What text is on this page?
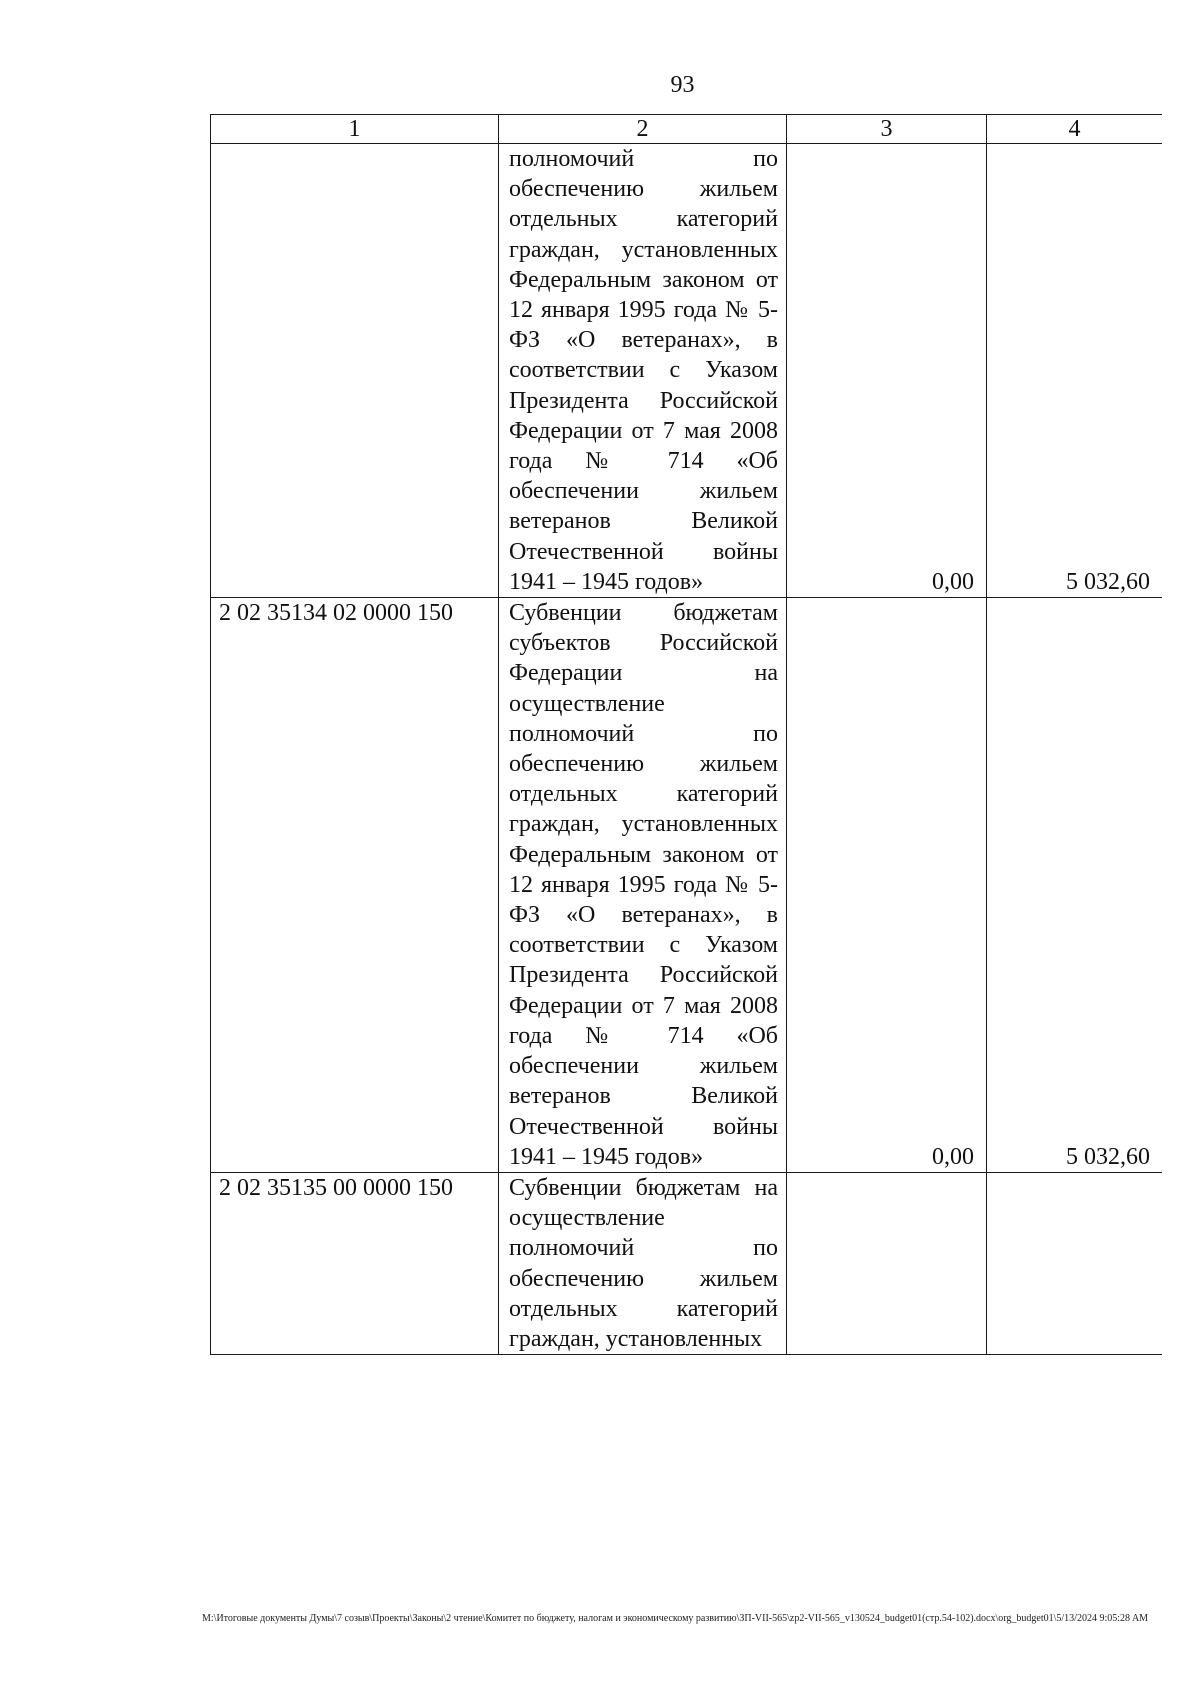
93
1	2	3	4
	полномочий по обеспечению жильем отдельных категорий граждан, установленных Федеральным законом от 12 января 1995 года № 5-ФЗ «О ветеранах», в соответствии с Указом Президента Российской Федерации от 7 мая 2008 года № 714 «Об обеспечении жильем ветеранов Великой Отечественной войны 1941 – 1945 годов»	0,00	5 032,60
2 02 35134 02 0000 150	Субвенции бюджетам субъектов Российской Федерации на осуществление полномочий по обеспечению жильем отдельных категорий граждан, установленных Федеральным законом от 12 января 1995 года № 5-ФЗ «О ветеранах», в соответствии с Указом Президента Российской Федерации от 7 мая 2008 года № 714 «Об обеспечении жильем ветеранов Великой Отечественной войны 1941 – 1945 годов»	0,00	5 032,60
2 02 35135 00 0000 150	Субвенции бюджетам на осуществление полномочий по обеспечению жильем отдельных категорий граждан, установленных		
M:\Итоговые документы Думы\7 созыв\Проекты\Законы\2 чтение\Комитет по бюджету, налогам и экономическому развитию\ЗП-VII-565\zp2-VII-565_v130524_budget01(стр.54-102).docx\org_budget01\5/13/2024 9:05:28 AM
